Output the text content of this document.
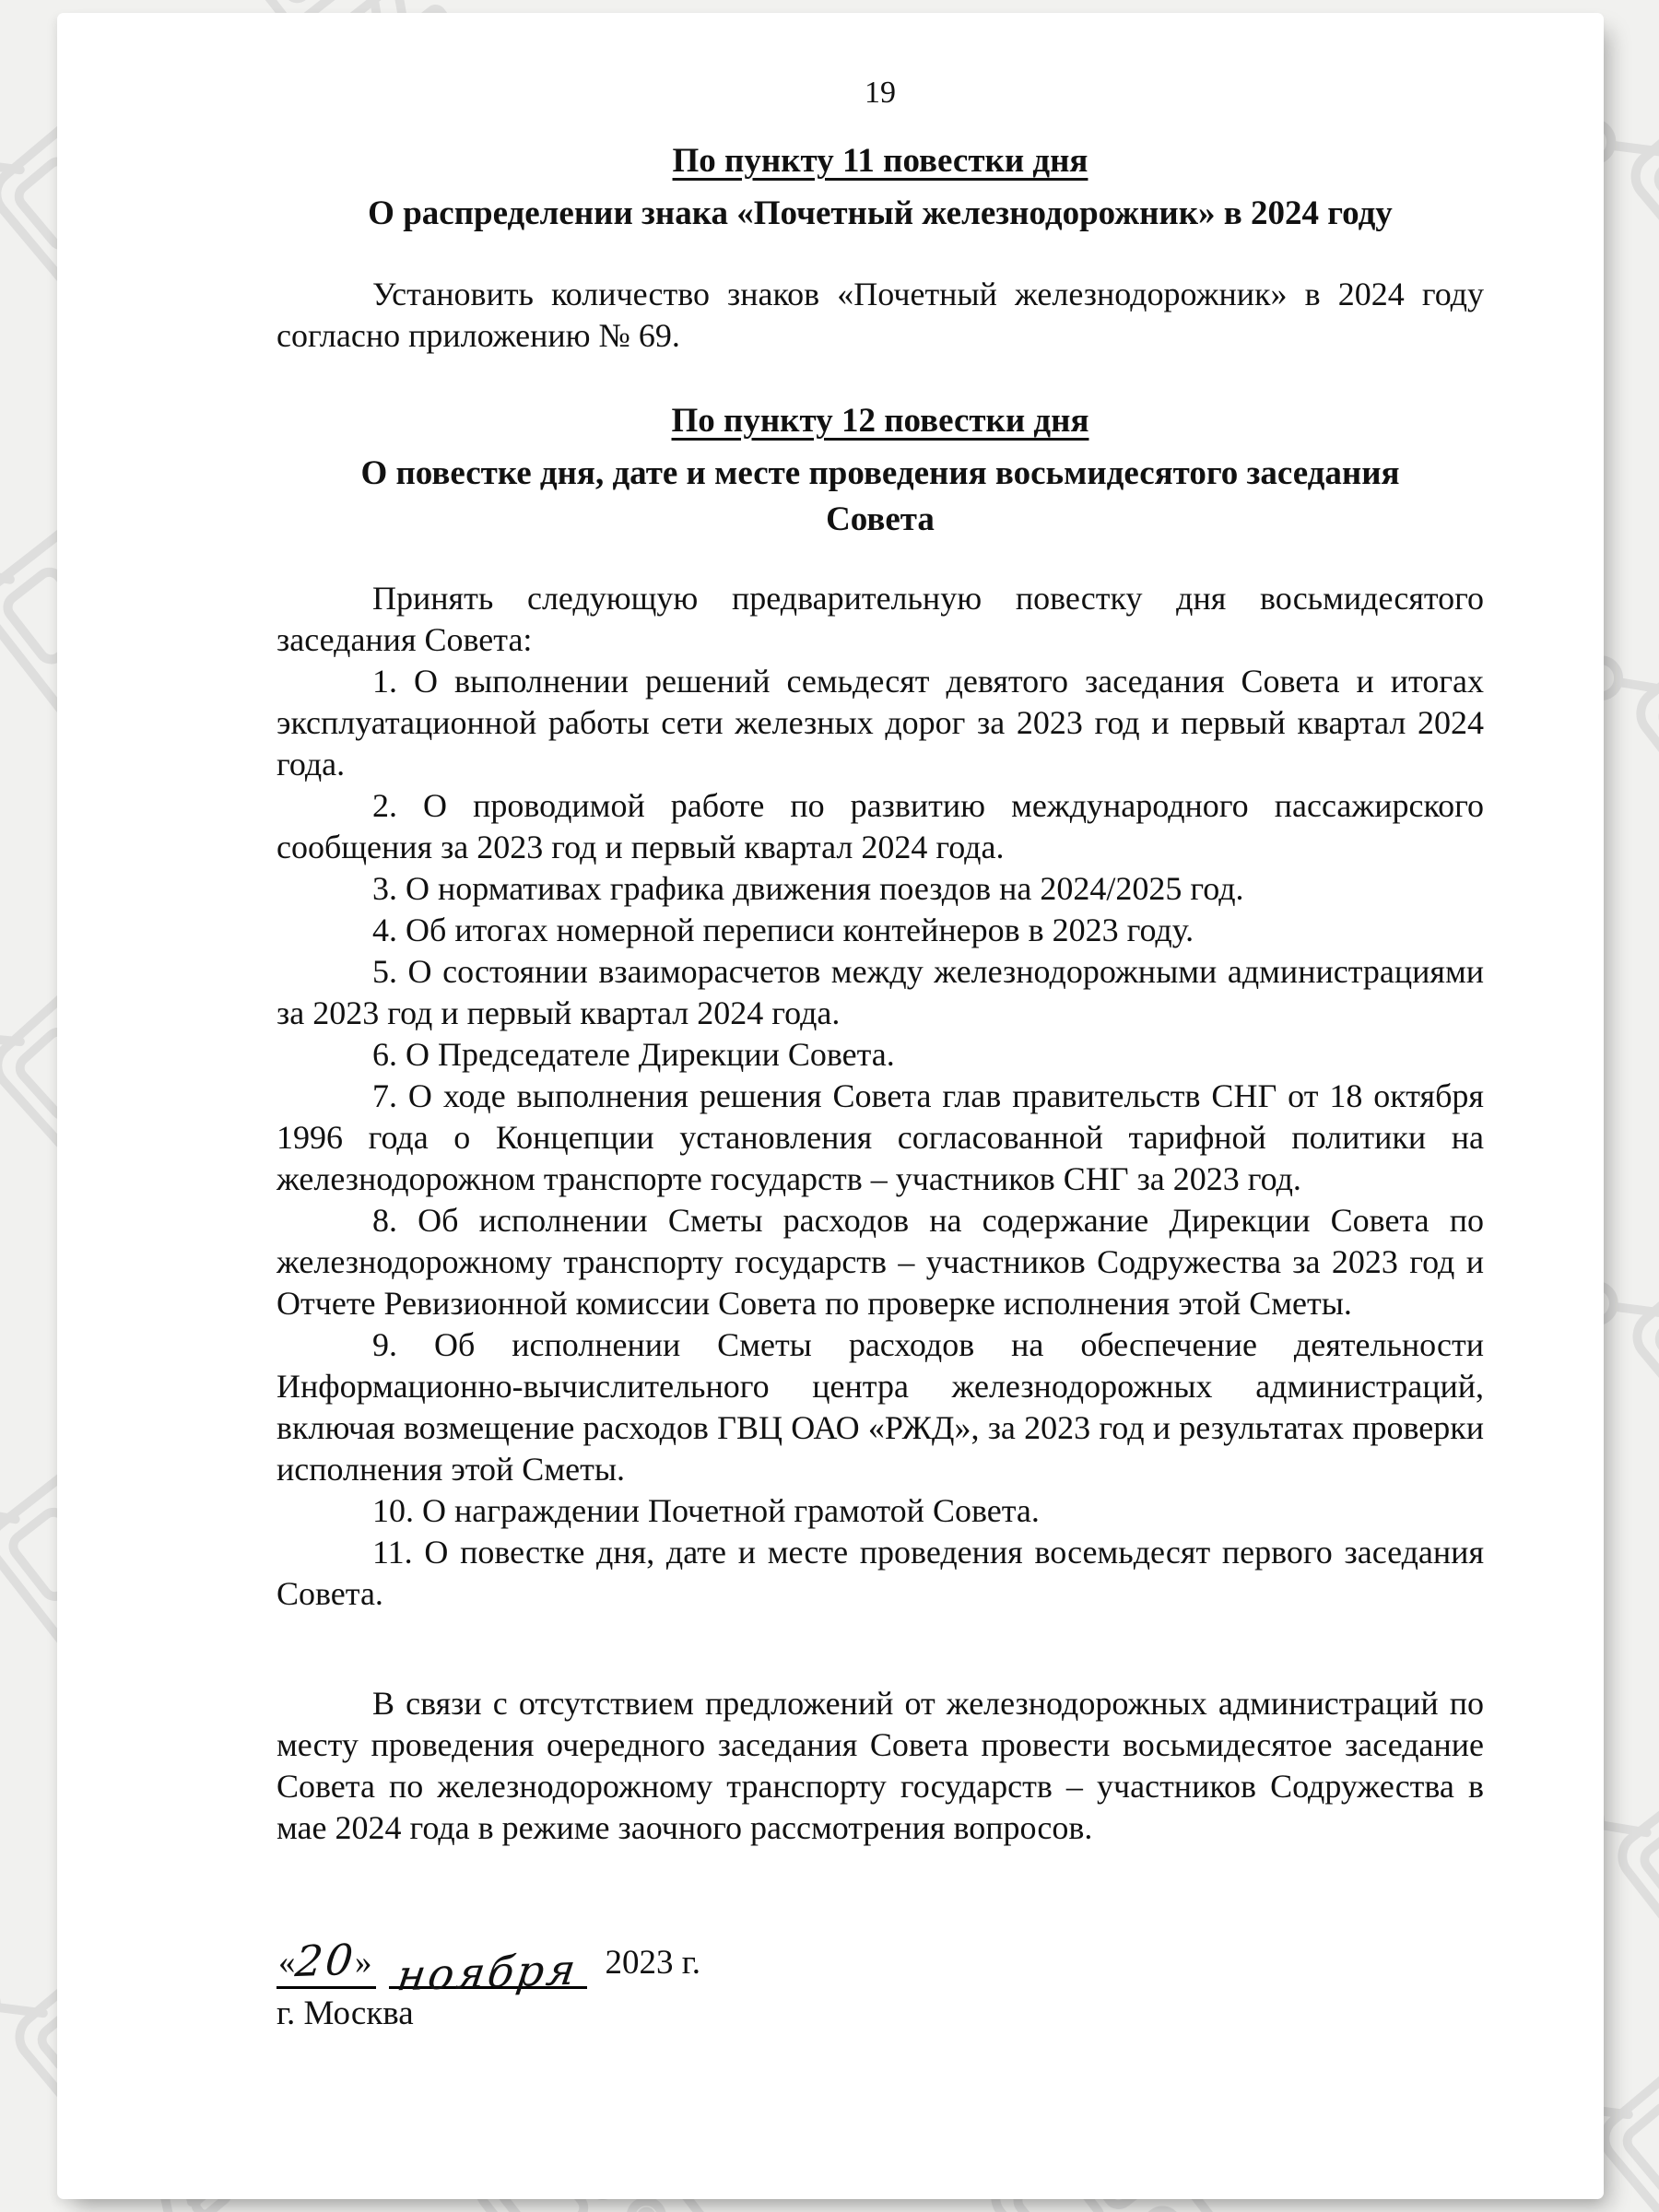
19
По пункту 11 повестки дня
О распределении знака «Почетный железнодорожник» в 2024 году

Установить количество знаков «Почетный железнодорожник» в 2024 году согласно приложению № 69.

По пункту 12 повестки дня
О повестке дня, дате и месте проведения восьмидесятого заседания
Совета

Принять следующую предварительную повестку дня восьмидесятого заседания Совета:

1. О выполнении решений семьдесят девятого заседания Совета и итогах эксплуатационной работы сети железных дорог за 2023 год и первый квартал 2024 года.

2. О проводимой работе по развитию международного пассажирского сообщения за 2023 год и первый квартал 2024 года.

3. О нормативах графика движения поездов на 2024/2025 год.

4. Об итогах номерной переписи контейнеров в 2023 году.

5. О состоянии взаиморасчетов между железнодорожными администрациями за 2023 год и первый квартал 2024 года.

6. О Председателе Дирекции Совета.

7. О ходе выполнения решения Совета глав правительств СНГ от 18 октября 1996 года о Концепции установления согласованной тарифной политики на железнодорожном транспорте государств – участников СНГ за 2023 год.

8. Об исполнении Сметы расходов на содержание Дирекции Совета по железнодорожному транспорту государств – участников Содружества за 2023 год и Отчете Ревизионной комиссии Совета по проверке исполнения этой Сметы.

9. Об исполнении Сметы расходов на обеспечение деятельности Информационно-вычислительного центра железнодорожных администраций, включая возмещение расходов ГВЦ ОАО «РЖД», за 2023 год и результатах проверки исполнения этой Сметы.

10. О награждении Почетной грамотой Совета.

11. О повестке дня, дате и месте проведения восемьдесят первого заседания Совета.

В связи с отсутствием предложений от железнодорожных администраций по месту проведения очередного заседания Совета провести восьмидесятое заседание Совета по железнодорожному транспорту государств – участников Содружества в мае 2024 года в режиме заочного рассмотрения вопросов.

«20» ноября 2023 г.
г. Москва
